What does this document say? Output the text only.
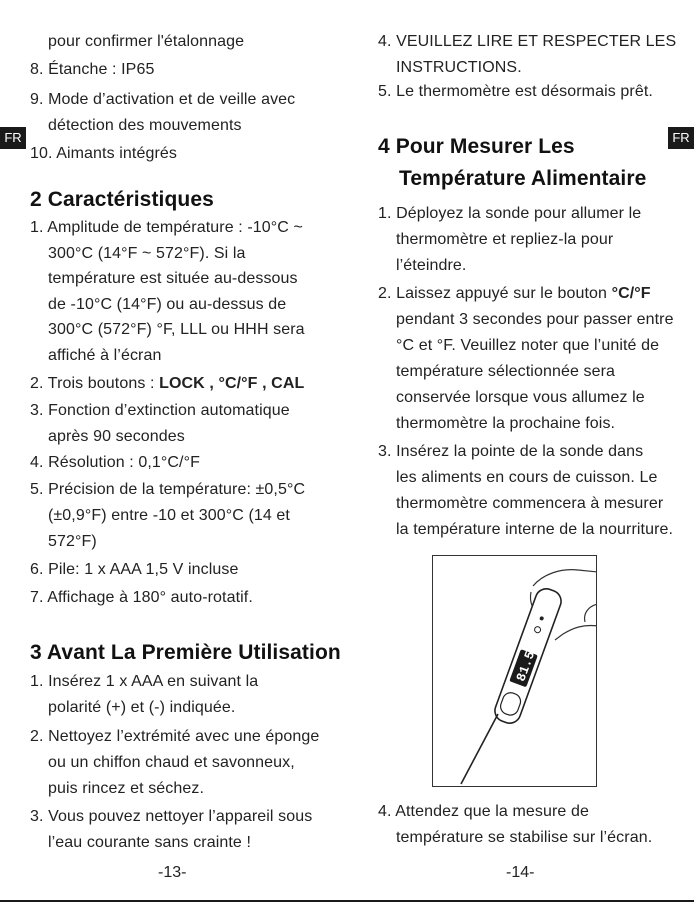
FR	FR
pour confirmer l'étalonnage
8. Étanche : IP65
9. Mode d’activation et de veille avec
détection des mouvements
10. Aimants intégrés
2 Caractéristiques
1. Amplitude de température : -10°C ~
300°C (14°F ~ 572°F). Si la
température est située au-dessous
de -10°C (14°F) ou au-dessus de
300°C (572°F) °F, LLL ou HHH sera
affiché à l’écran
2. Trois boutons : LOCK , °C/°F , CAL
3. Fonction d’extinction automatique
après 90 secondes
4. Résolution : 0,1°C/°F
5. Précision de la température: ±0,5°C
(±0,9°F) entre -10 et 300°C (14 et
572°F)
6. Pile: 1 x AAA 1,5 V incluse
7. Affichage à 180° auto-rotatif.
3 Avant La Première Utilisation
1. Insérez 1 x AAA en suivant la
polarité (+) et (-) indiquée.
2. Nettoyez l’extrémité avec une éponge
ou un chiffon chaud et savonneux,
puis rincez et séchez.
3. Vous pouvez nettoyer l’appareil sous
l’eau courante sans crainte !
-13-
4. VEUILLEZ LIRE ET RESPECTER LES
INSTRUCTIONS.
5. Le thermomètre est désormais prêt.
4 Pour Mesurer Les
Température Alimentaire
1. Déployez la sonde pour allumer le
thermomètre et repliez-la pour
l’éteindre.
2. Laissez appuyé sur le bouton °C/°F
pendant 3 secondes pour passer entre
°C et °F. Veuillez noter que l’unité de
température sélectionnée sera
conservée lorsque vous allumez le
thermomètre la prochaine fois.
3. Insérez la pointe de la sonde dans
les aliments en cours de cuisson. Le
thermomètre commencera à mesurer
la température interne de la nourriture.
4. Attendez que la mesure de
température se stabilise sur l’écran.
-14-
81.5
